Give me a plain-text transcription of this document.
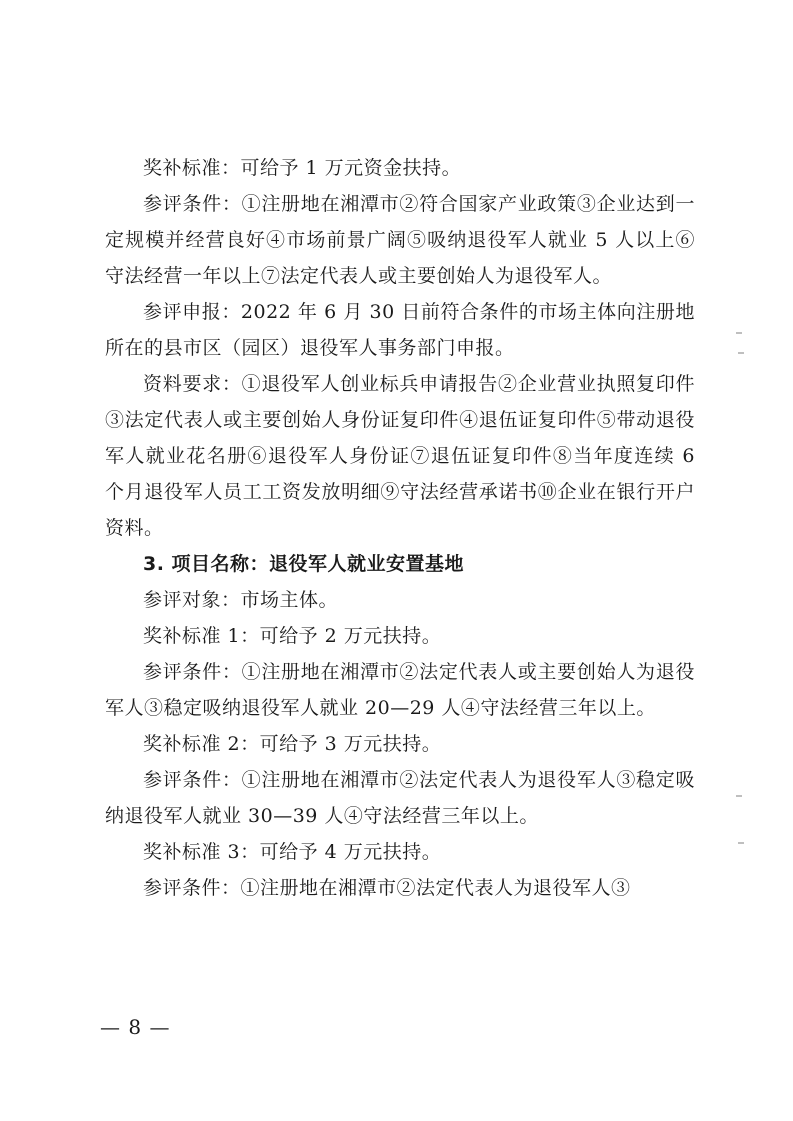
奖补标准：可给予 1 万元资金扶持。

参评条件：①注册地在湘潭市②符合国家产业政策③企业达到一定规模并经营良好④市场前景广阔⑤吸纳退役军人就业 5 人以上⑥守法经营一年以上⑦法定代表人或主要创始人为退役军人。

参评申报：2022 年 6 月 30 日前符合条件的市场主体向注册地所在的县市区（园区）退役军人事务部门申报。

资料要求：①退役军人创业标兵申请报告②企业营业执照复印件③法定代表人或主要创始人身份证复印件④退伍证复印件⑤带动退役军人就业花名册⑥退役军人身份证⑦退伍证复印件⑧当年度连续 6 个月退役军人员工工资发放明细⑨守法经营承诺书⑩企业在银行开户资料。

3. 项目名称：退役军人就业安置基地

参评对象：市场主体。

奖补标准 1：可给予 2 万元扶持。

参评条件：①注册地在湘潭市②法定代表人或主要创始人为退役军人③稳定吸纳退役军人就业 20—29 人④守法经营三年以上。

奖补标准 2：可给予 3 万元扶持。

参评条件：①注册地在湘潭市②法定代表人为退役军人③稳定吸纳退役军人就业 30—39 人④守法经营三年以上。

奖补标准 3：可给予 4 万元扶持。

参评条件：①注册地在湘潭市②法定代表人为退役军人③

— 8 —
